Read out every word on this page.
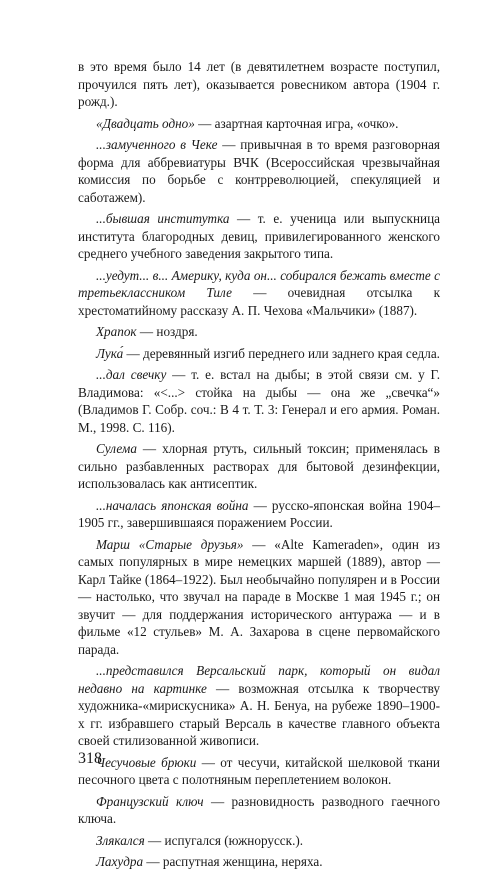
в это время было 14 лет (в девятилетнем возрасте поступил, прочуился пять лет), оказывается ровесником автора (1904 г. рожд.).

«Двадцать одно» — азартная карточная игра, «очко».

...замученного в Чеке — привычная в то время разговорная форма для аббревиатуры ВЧК (Всероссийская чрезвычайная комиссия по борьбе с контрреволюцией, спекуляцией и саботажем).

...бывшая институтка — т. е. ученица или выпускница института благородных девиц, привилегированного женского среднего учебного заведения закрытого типа.

...уедут... в... Америку, куда он... собирался бежать вместе с третьеклассником Тиле — очевидная отсылка к хрестоматийному рассказу А. П. Чехова «Мальчики» (1887).

Храпок — ноздря.

Лука́ — деревянный изгиб переднего или заднего края седла.

...дал свечку — т. е. встал на дыбы; в этой связи см. у Г. Владимова: «<...> стойка на дыбы — она же „свечка“» (Владимов Г. Собр. соч.: В 4 т. Т. 3: Генерал и его армия. Роман. М., 1998. С. 116).

Сулема — хлорная ртуть, сильный токсин; применялась в сильно разбавленных растворах для бытовой дезинфекции, использовалась как антисептик.

...началась японская война — русско-японская война 1904–1905 гг., завершившаяся поражением России.

Марш «Старые друзья» — «Alte Kameraden», один из самых популярных в мире немецких маршей (1889), автор — Карл Тайке (1864–1922). Был необычайно популярен и в России — настолько, что звучал на параде в Москве 1 мая 1945 г.; он звучит — для поддержания исторического антуража — и в фильме «12 стульев» М. А. Захарова в сцене первомайского парада.

...представился Версальский парк, который он видал недавно на картинке — возможная отсылка к творчеству художника-«мирискусника» А. Н. Бенуа, на рубеже 1890–1900-х гг. избравшего старый Версаль в качестве главного объекта своей стилизованной живописи.

Чесучовые брюки — от чесучи, китайской шелковой ткани песочного цвета с полотняным переплетением волокон.

Французский ключ — разновидность разводного гаечного ключа.

Злякался — испугался (южнорусск.).

Лахудра — распутная женщина, неряха.

318
